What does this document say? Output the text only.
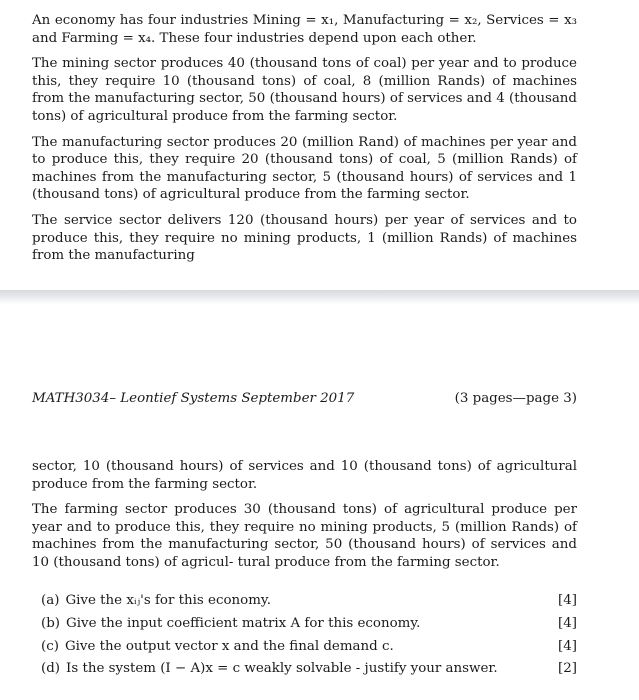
An economy has four industries Mining = x₁, Manufacturing = x₂, Services = x₃ and Farming = x₄. These four industries depend upon each other.

The mining sector produces 40 (thousand tons of coal) per year and to produce this, they require 10 (thousand tons) of coal, 8 (million Rands) of machines from the manufacturing sector, 50 (thousand hours) of services and 4 (thousand tons) of agricultural produce from the farming sector.

The manufacturing sector produces 20 (million Rand) of machines per year and to produce this, they require 20 (thousand tons) of coal, 5 (million Rands) of machines from the manufacturing sector, 5 (thousand hours) of services and 1 (thousand tons) of agricultural produce from the farming sector.

The service sector delivers 120 (thousand hours) per year of services and to produce this, they require no mining products, 1 (million Rands) of machines from the manufacturing

MATH3034– Leontief Systems September 2017	(3 pages—page 3)

sector, 10 (thousand hours) of services and 10 (thousand tons) of agricultural produce from the farming sector.

The farming sector produces 30 (thousand tons) of agricultural produce per year and to produce this, they require no mining products, 5 (million Rands) of machines from the manufacturing sector, 50 (thousand hours) of services and 10 (thousand tons) of agricul- tural produce from the farming sector.

(a) Give the xᵢⱼ's for this economy.	[4]
(b) Give the input coefficient matrix A for this economy.	[4]
(c) Give the output vector x and the final demand c.	[4]
(d) Is the system (I − A)x = c weakly solvable - justify your answer.	[2]
